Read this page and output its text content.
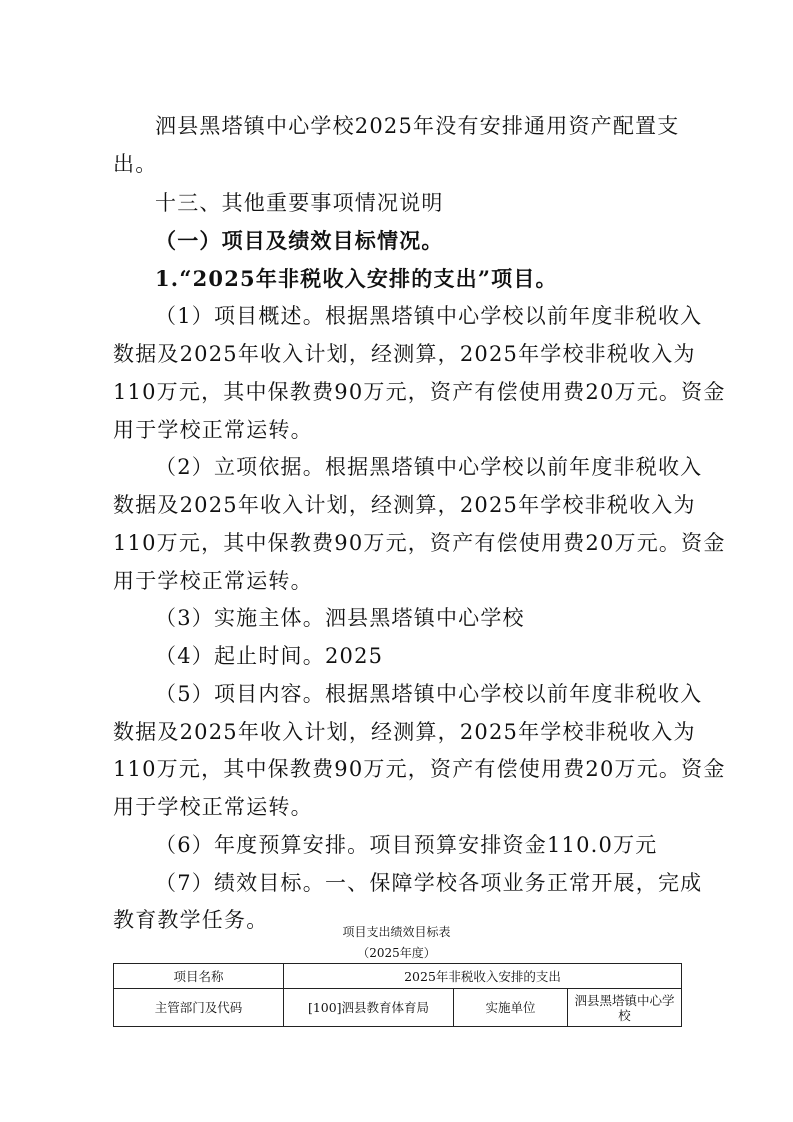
泗县黑塔镇中心学校2025年没有安排通用资产配置支
出。
十三、其他重要事项情况说明
（一）项目及绩效目标情况。
1.“2025年非税收入安排的支出”项目。
（1）项目概述。根据黑塔镇中心学校以前年度非税收入
数据及2025年收入计划，经测算，2025年学校非税收入为
110万元，其中保教费90万元，资产有偿使用费20万元。资金
用于学校正常运转。
（2）立项依据。根据黑塔镇中心学校以前年度非税收入
数据及2025年收入计划，经测算，2025年学校非税收入为
110万元，其中保教费90万元，资产有偿使用费20万元。资金
用于学校正常运转。
（3）实施主体。泗县黑塔镇中心学校
（4）起止时间。2025
（5）项目内容。根据黑塔镇中心学校以前年度非税收入
数据及2025年收入计划，经测算，2025年学校非税收入为
110万元，其中保教费90万元，资产有偿使用费20万元。资金
用于学校正常运转。
（6）年度预算安排。项目预算安排资金110.0万元
（7）绩效目标。一、保障学校各项业务正常开展，完成
教育教学任务。	项目支出绩效目标表
（2025年度）
项目名称	2025年非税收入安排的支出		
主管部门及代码	[100]泗县教育体育局	实施单位	泗县黑塔镇中心学校
